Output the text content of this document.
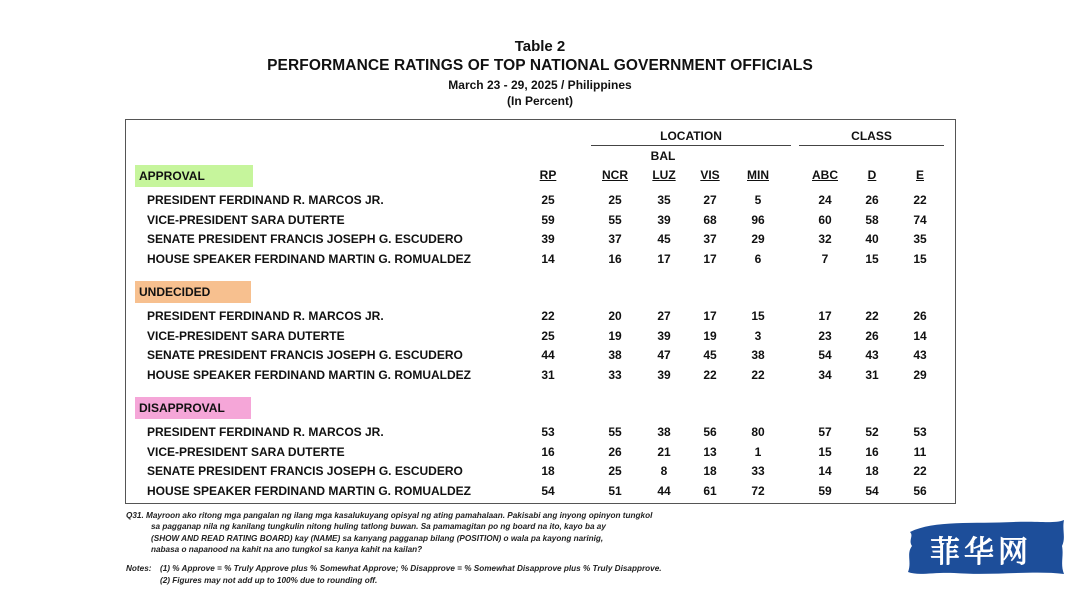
Table 2
PERFORMANCE RATINGS OF TOP NATIONAL GOVERNMENT OFFICIALS
March 23 - 29, 2025 / Philippines
(In Percent)
LOCATION	CLASS
BAL
RP	NCR	LUZ	VIS	MIN	ABC	D	E
APPROVAL
PRESIDENT FERDINAND R. MARCOS JR.	25	25	35	27	5	24	26	22
VICE-PRESIDENT SARA DUTERTE	59	55	39	68	96	60	58	74
SENATE PRESIDENT FRANCIS JOSEPH G. ESCUDERO	39	37	45	37	29	32	40	35
HOUSE SPEAKER FERDINAND MARTIN G. ROMUALDEZ	14	16	17	17	6	7	15	15
UNDECIDED
PRESIDENT FERDINAND R. MARCOS JR.	22	20	27	17	15	17	22	26
VICE-PRESIDENT SARA DUTERTE	25	19	39	19	3	23	26	14
SENATE PRESIDENT FRANCIS JOSEPH G. ESCUDERO	44	38	47	45	38	54	43	43
HOUSE SPEAKER FERDINAND MARTIN G. ROMUALDEZ	31	33	39	22	22	34	31	29
DISAPPROVAL
PRESIDENT FERDINAND R. MARCOS JR.	53	55	38	56	80	57	52	53
VICE-PRESIDENT SARA DUTERTE	16	26	21	13	1	15	16	11
SENATE PRESIDENT FRANCIS JOSEPH G. ESCUDERO	18	25	8	18	33	14	18	22
HOUSE SPEAKER FERDINAND MARTIN G. ROMUALDEZ	54	51	44	61	72	59	54	56
Q31. Mayroon ako ritong mga pangalan ng ilang mga kasalukuyang opisyal ng ating pamahalaan. Pakisabi ang inyong opinyon tungkol
sa pagganap nila ng kanilang tungkulin nitong huling tatlong buwan. Sa pamamagitan po ng board na ito, kayo ba ay
(SHOW AND READ RATING BOARD) kay (NAME) sa kanyang pagganap bilang (POSITION) o wala pa kayong narinig,
nabasa o napanood na kahit na ano tungkol sa kanya kahit na kailan?
Notes: (1) % Approve = % Truly Approve plus % Somewhat Approve; % Disapprove = % Somewhat Disapprove plus % Truly Disapprove.
(2) Figures may not add up to 100% due to rounding off.
菲华网
